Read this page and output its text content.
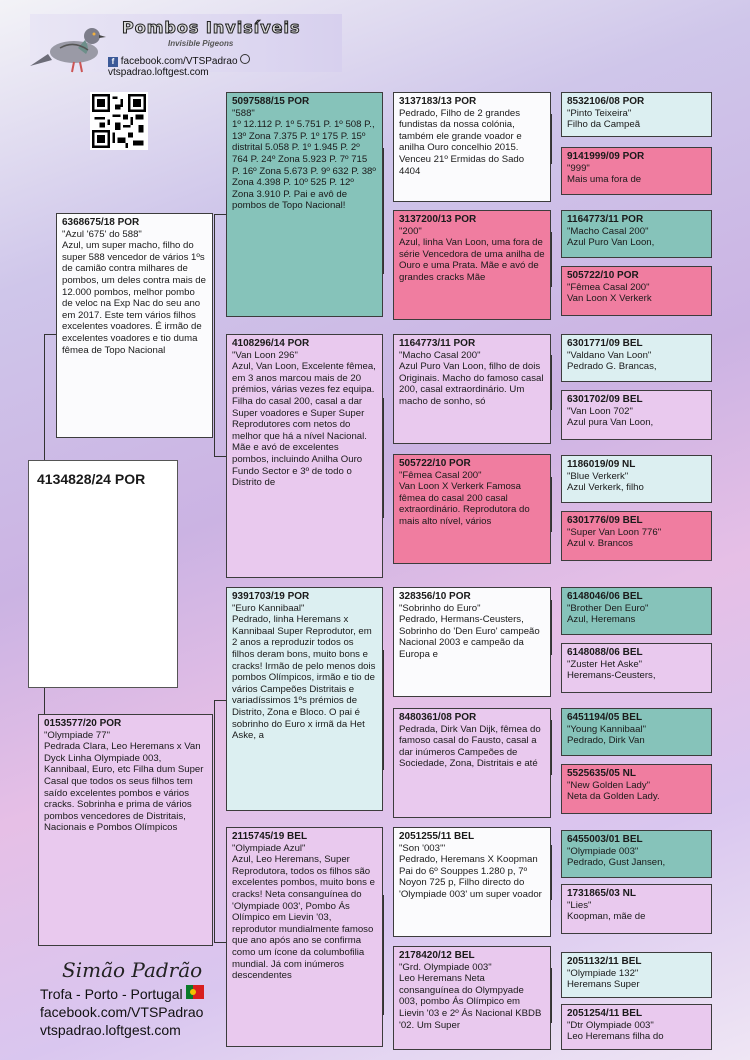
Pombos Invisíveis
Invisible Pigeons
f facebook.com/VTSPadrao  vtspadrao.loftgest.com
4134828/24 POR
6368675/18 POR
"Azul '675' do 588"
Azul, um super macho, filho do super 588 vencedor de vários 1ºs de camião contra milhares de pombos, um deles contra mais de 12.000 pombos, melhor pombo de veloc na Exp Nac do seu ano em 2017. Este tem vários filhos excelentes voadores. É irmão de excelentes voadores e tio duma fêmea de Topo Nacional
0153577/20 POR
"Olympiade 77"
Pedrada Clara, Leo Heremans x Van Dyck Linha Olympiade 003, Kannibaal, Euro, etc Filha dum Super Casal que todos os seus filhos tem saído excelentes pombos e vários cracks. Sobrinha e prima de vários pombos vencedores de Distritais, Nacionais e Pombos Olímpicos
5097588/15 POR
"588"
1º 12.112 P. 1º 5.751 P. 1º 508 P., 13º Zona 7.375 P. 1º 175 P. 15º distrital 5.058 P. 1º 1.945 P. 2º 764 P. 24º Zona 5.923 P. 7º 715 P. 16º Zona 5.673 P. 9º 632 P. 38º Zona 4.398 P. 10º 525 P. 12º Zona 3.910 P. Pai e avô de pombos de Topo Nacional!
4108296/14 POR
"Van Loon 296"
Azul, Van Loon, Excelente fêmea, em 3 anos marcou mais de 20 prémios, várias vezes fez equipa. Filha do casal 200, casal a dar Super voadores e Super Super Reprodutores com netos do melhor que há a nível Nacional. Mãe e avó de excelentes pombos, incluindo Anilha Ouro Fundo Sector e 3º de todo o Distrito de
9391703/19 POR
"Euro Kannibaal"
Pedrado, linha Heremans x Kannibaal Super Reprodutor, em 2 anos a reproduzir todos os filhos deram bons, muito bons e cracks! Irmão de pelo menos dois pombos Olímpicos, irmão e tio de vários Campeões Distritais e variadíssimos 1ºs prémios de Distrito, Zona e Bloco. O pai é sobrinho do Euro x irmã da Het Aske, a
2115745/19 BEL
"Olympiade Azul"
Azul, Leo Heremans, Super Reprodutora, todos os filhos são excelentes pombos, muito bons e cracks! Neta consanguínea do 'Olympiade 003', Pombo Ás Olímpico em Lievin '03, reprodutor mundialmente famoso que ano após ano se confirma como um ícone da columbofilia mundial. Já com inúmeros descendentes
3137183/13 POR
Pedrado, Filho de 2 grandes fundistas da nossa colónia, também ele grande voador e anilha Ouro concelhio 2015. Venceu 21º Ermidas do Sado 4404
3137200/13 POR
"200"
Azul, linha Van Loon, uma fora de série Vencedora de uma anilha de Ouro e uma Prata. Mãe e avó de grandes cracks Mãe
1164773/11 POR
"Macho Casal 200"
Azul Puro Van Loon, filho de dois Originais. Macho do famoso casal 200, casal extraordinário. Um macho de sonho, só
505722/10 POR
"Fêmea Casal 200"
Van Loon X Verkerk Famosa fêmea do casal 200 casal extraordinário. Reprodutora do mais alto nível, vários
328356/10 POR
"Sobrinho do Euro"
Pedrado, Hermans-Ceusters, Sobrinho do 'Den Euro' campeão Nacional 2003 e campeão da Europa e
8480361/08 POR
Pedrada, Dirk Van Dijk, fêmea do famoso casal do Fausto, casal a dar inúmeros Campeões de Sociedade, Zona, Distritais e até
2051255/11 BEL
"Son '003'"
Pedrado, Heremans X Koopman Pai do 6º Souppes 1.280 p, 7º Noyon 725 p, Filho directo do 'Olympiade 003' um super voador
2178420/12 BEL
"Grd. Olympiade 003"
Leo Heremans Neta consanguínea do Olympyade 003, pombo Ás Olímpico em Lievin '03 e 2º Ás Nacional KBDB '02. Um Super
8532106/08 POR
"Pinto Teixeira"
Filho da Campeã
9141999/09 POR
"999"
Mais uma fora de
1164773/11 POR
"Macho Casal 200"
Azul Puro Van Loon,
505722/10 POR
"Fêmea Casal 200"
Van Loon X Verkerk
6301771/09 BEL
"Valdano Van Loon"
Pedrado G. Brancas,
6301702/09 BEL
"Van Loon 702"
Azul pura Van Loon,
1186019/09 NL
"Blue Verkerk"
Azul Verkerk, filho
6301776/09 BEL
"Super Van Loon 776"
Azul v. Brancos
6148046/06 BEL
"Brother Den Euro"
Azul, Heremans
6148088/06 BEL
"Zuster Het Aske"
Heremans-Ceusters,
6451194/05 BEL
"Young Kannibaal"
Pedrado, Dirk Van
5525635/05 NL
"New Golden Lady"
Neta da Golden Lady.
6455003/01 BEL
"Olympiade 003"
Pedrado, Gust Jansen,
1731865/03 NL
"Lies"
Koopman, mãe de
2051132/11 BEL
"Olympiade 132"
Heremans Super
2051254/11 BEL
"Dtr Olympiade 003"
Leo Heremans filha do
Simão Padrão
Trofa - Porto - Portugal
facebook.com/VTSPadrao
vtspadrao.loftgest.com
